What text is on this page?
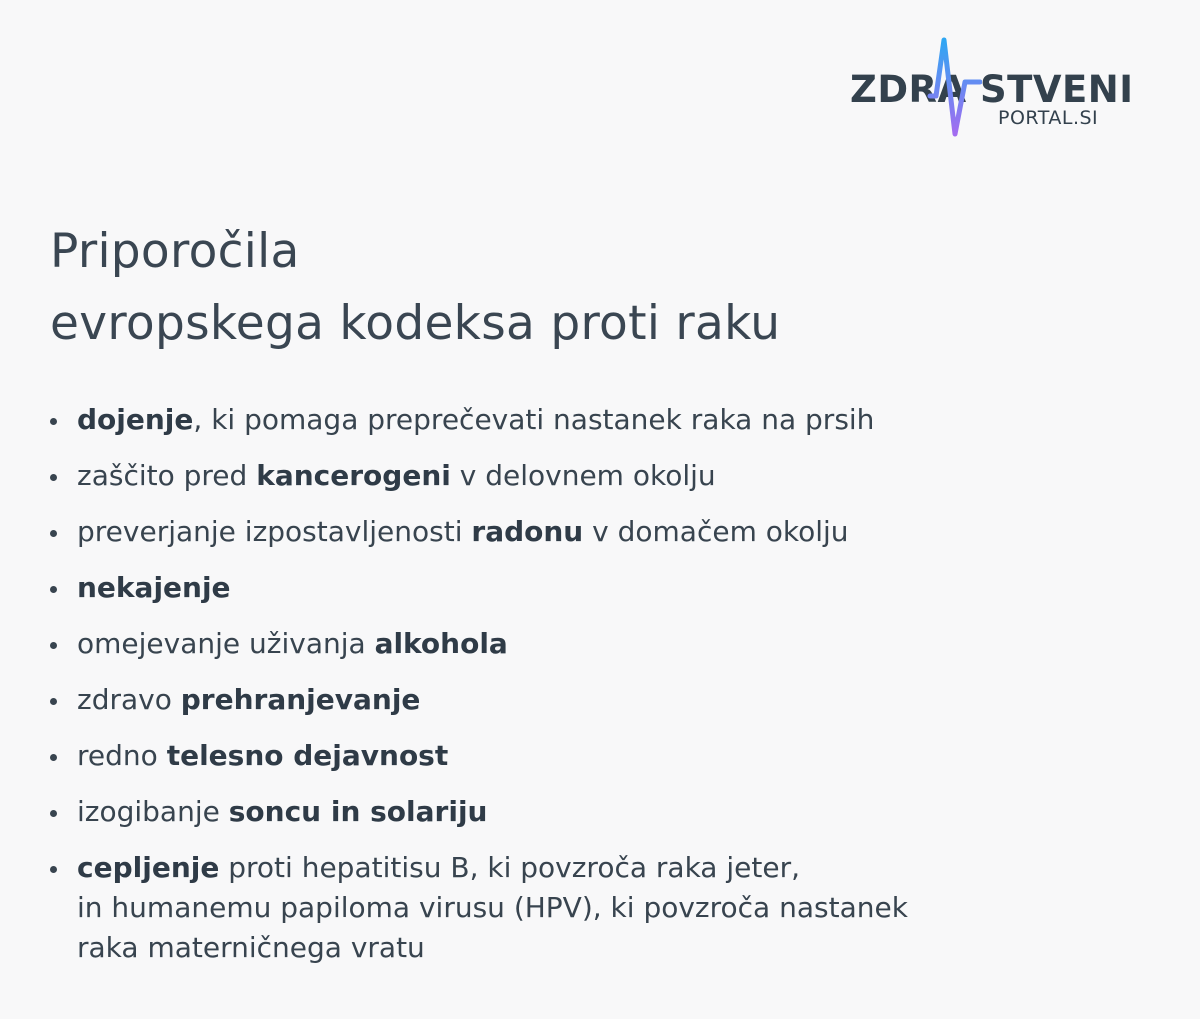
ZDRA STVENI
PORTAL.SI
Priporočila
evropskega kodeksa proti raku
dojenje, ki pomaga preprečevati nastanek raka na prsih
zaščito pred kancerogeni v delovnem okolju
preverjanje izpostavljenosti radonu v domačem okolju
nekajenje
omejevanje uživanja alkohola
zdravo prehranjevanje
redno telesno dejavnost
izogibanje soncu in solariju
cepljenje proti hepatitisu B, ki povzroča raka jeter,
in humanemu papiloma virusu (HPV), ki povzroča nastanek
raka materničnega vratu
